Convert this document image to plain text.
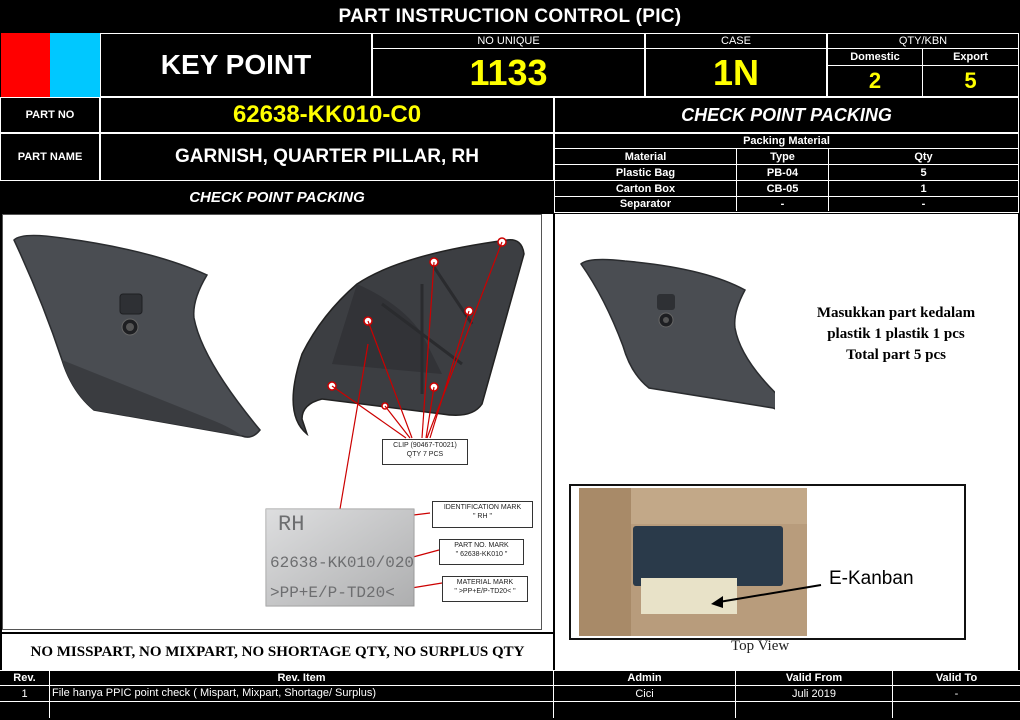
PART INSTRUCTION CONTROL (PIC)
KEY POINT
NO UNIQUE
1133
CASE
1N
QTY/KBN
Domestic
2
Export
5
PART NO	62638-KK010-C0	CHECK POINT PACKING
PART NAME	GARNISH, QUARTER PILLAR, RH
CHECK POINT PACKING
Packing Material
Material	Type	Qty
Plastic Bag	PB-04	5
Carton Box	CB-05	1
Separator	-	-
RH
62638-KK010/020
>PP+E/P-TD20<
CLIP (90467-T0021)
QTY 7 PCS
IDENTIFICATION MARK
" RH "
PART NO. MARK
" 62638-KK010 "
MATERIAL MARK
" >PP+E/P-TD20< "
Masukkan part kedalam
plastik 1 plastik 1 pcs
Total part 5 pcs
E-Kanban
Top View
NO MISSPART, NO MIXPART, NO SHORTAGE QTY, NO SURPLUS QTY
Rev.	Rev. Item	Admin	Valid From	Valid To
1	File hanya PPIC point check ( Mispart, Mixpart, Shortage/ Surplus)	Cici	Juli 2019	-
